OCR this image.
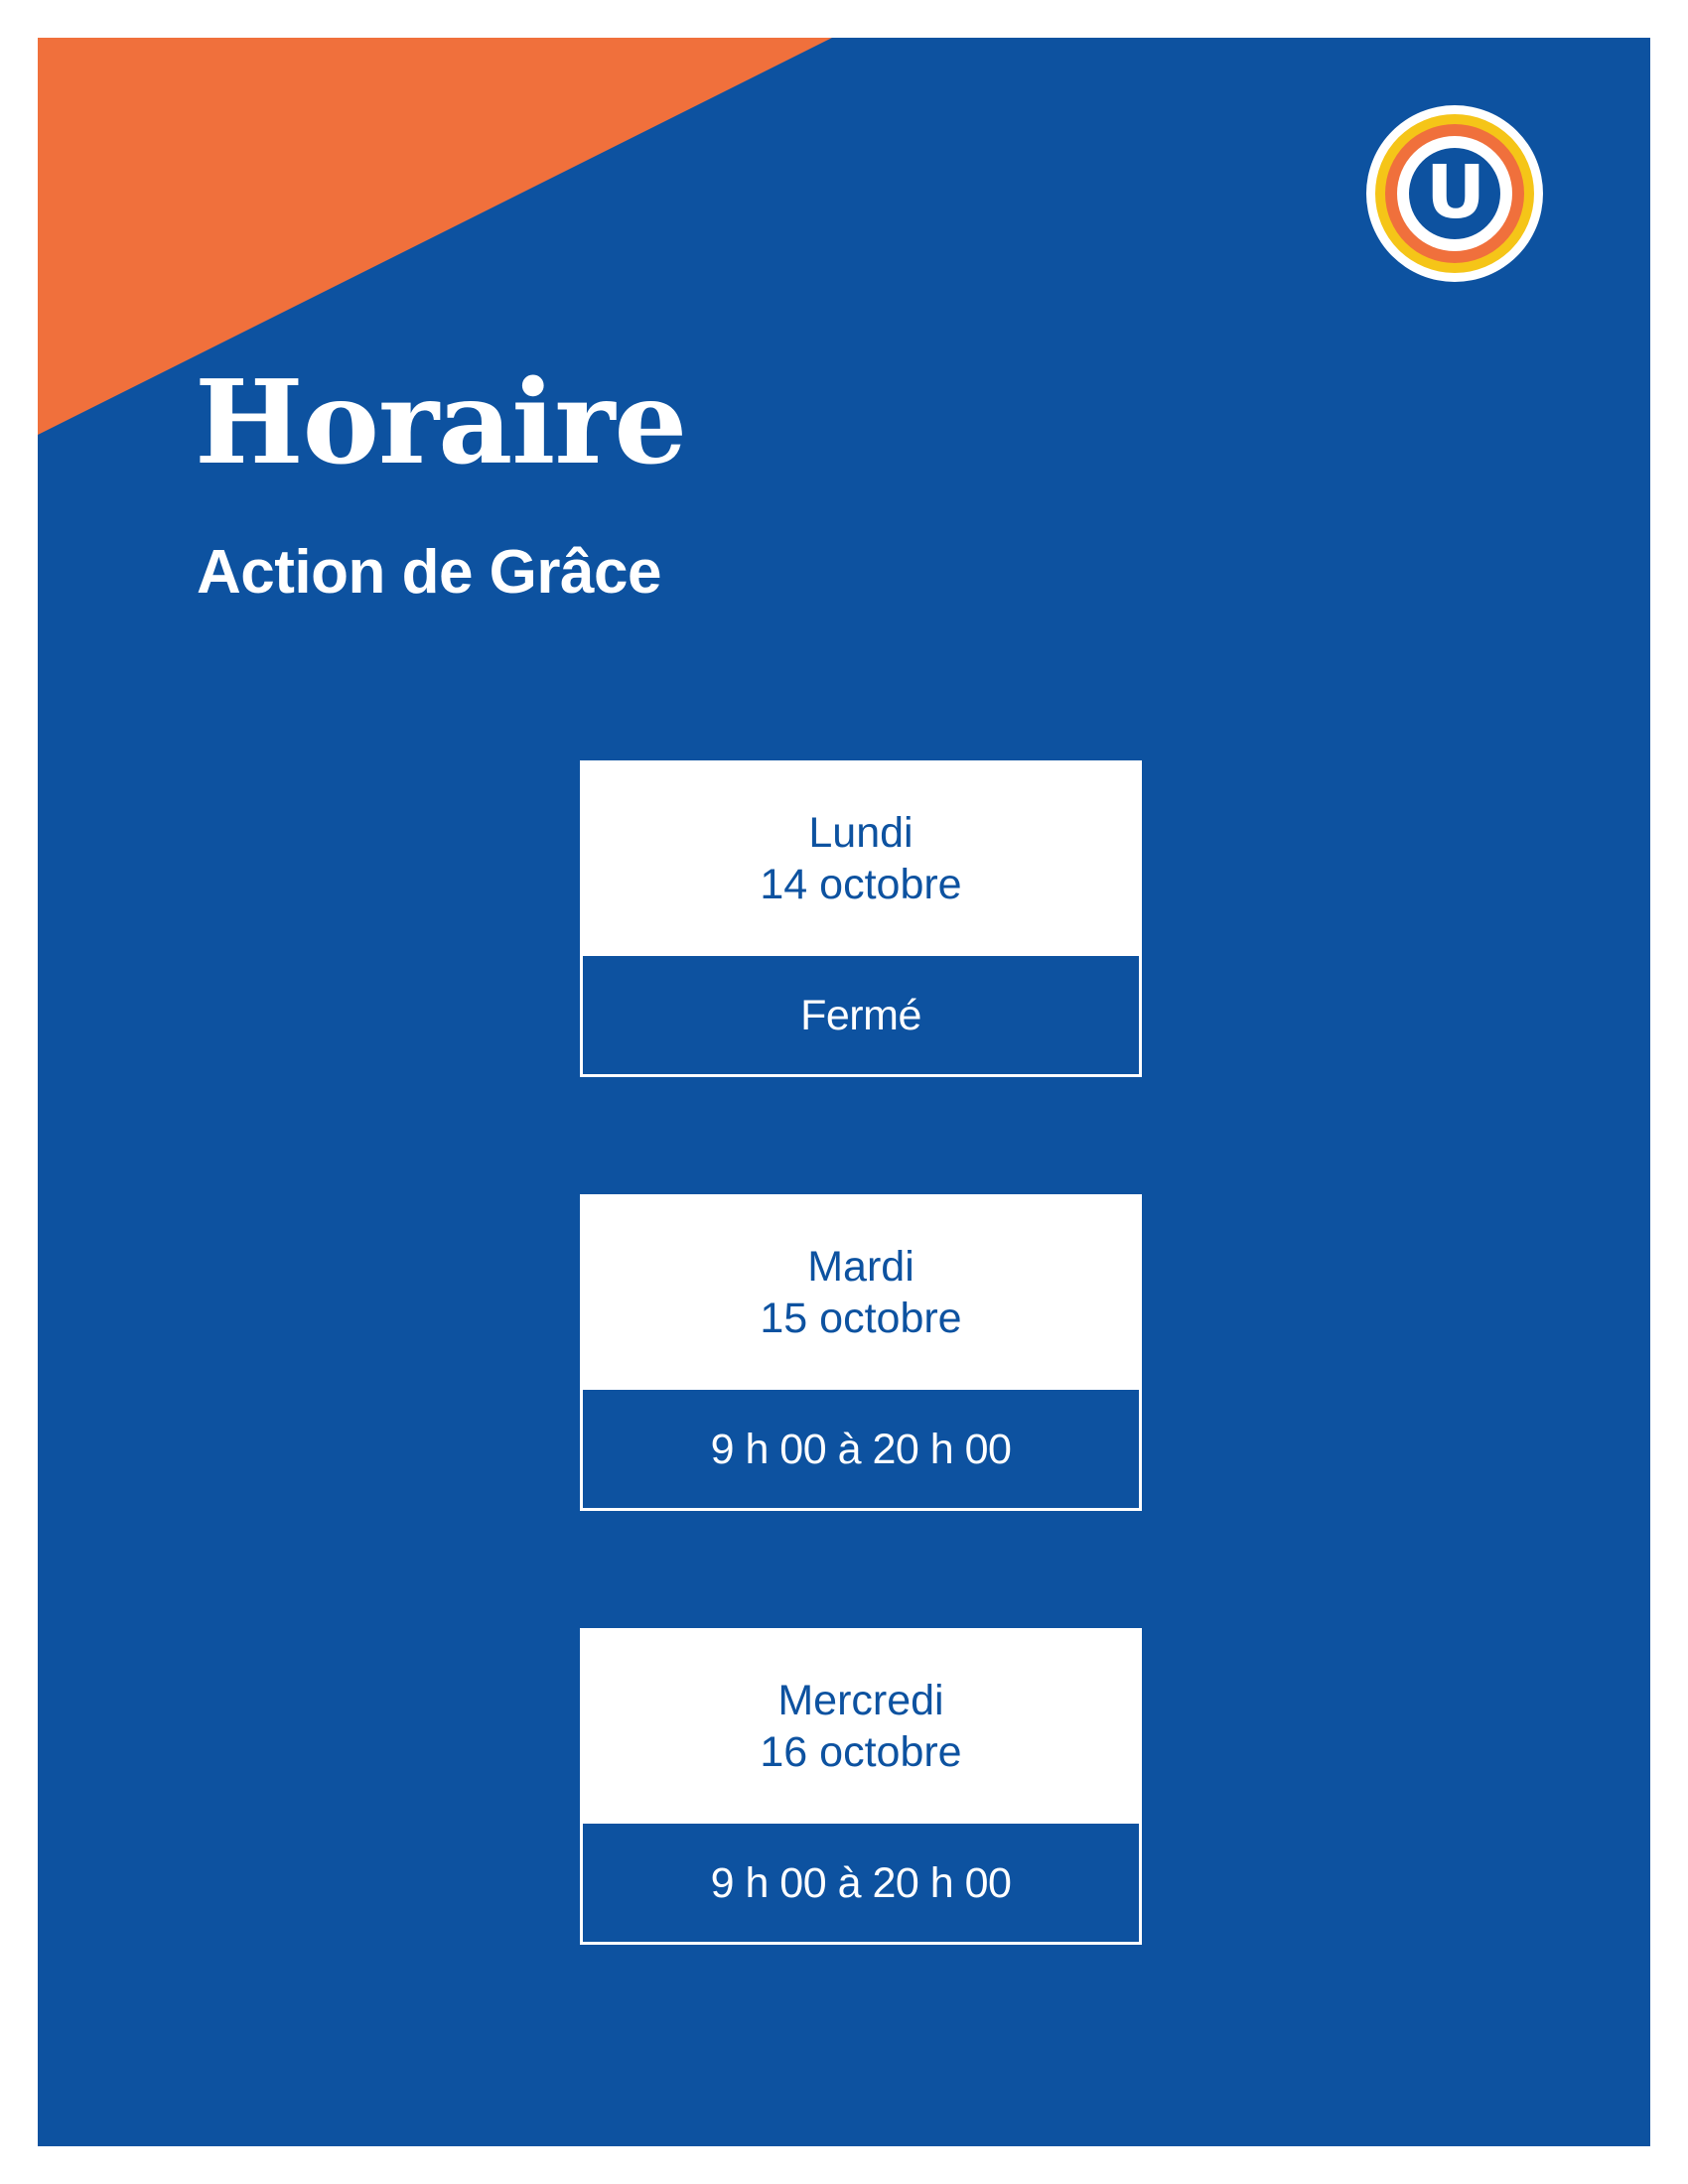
U
Horaire
Action de Grâce
Lundi
14 octobre
Fermé
Mardi
15 octobre
9 h 00 à 20 h 00
Mercredi
16 octobre
9 h 00 à 20 h 00
